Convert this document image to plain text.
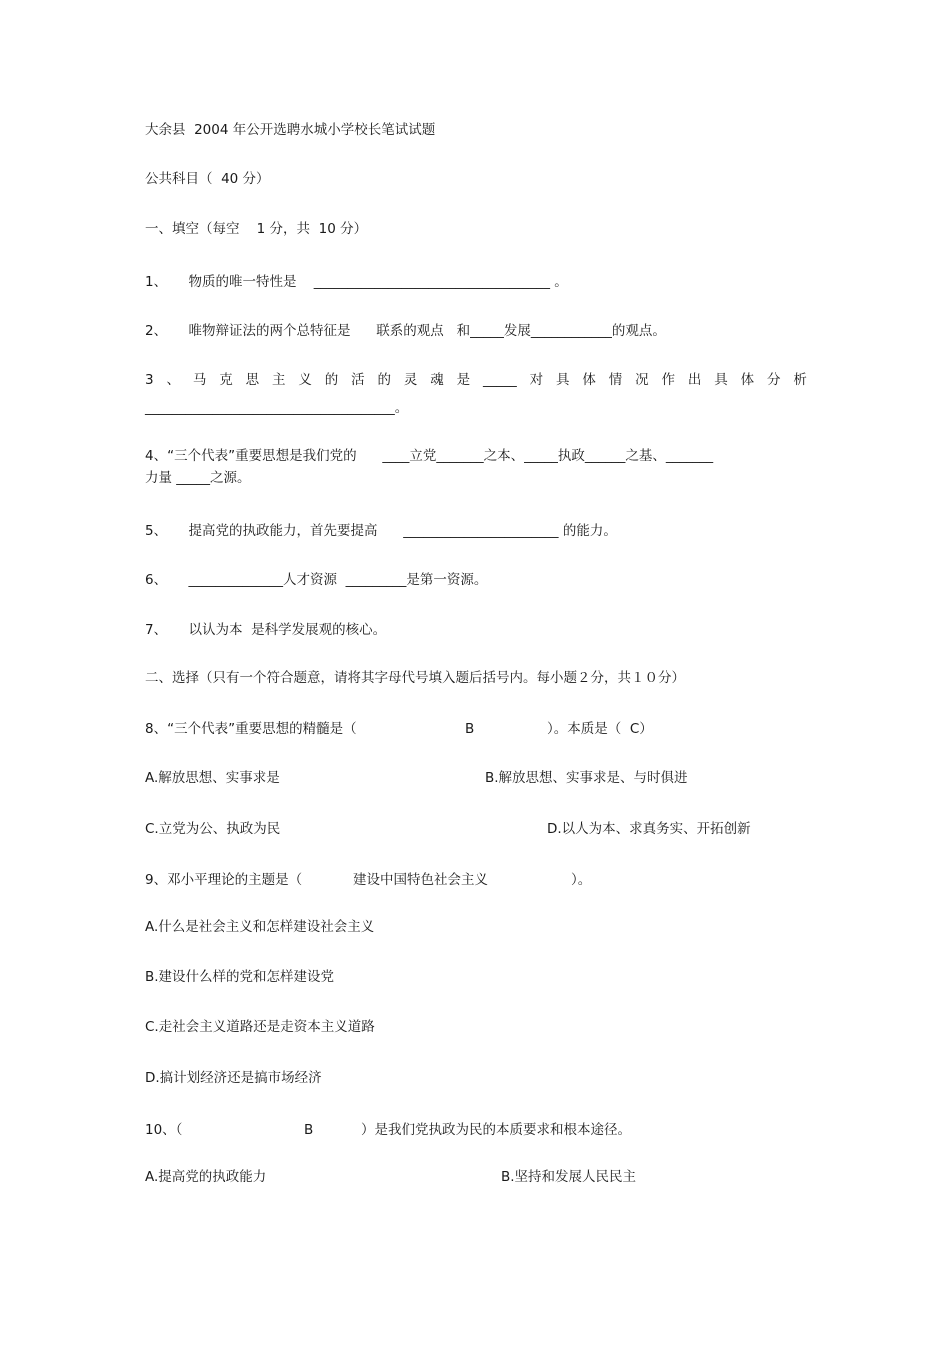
大余县  2004 年公开选聘水城小学校长笔试试题
公共科目（  40 分）
一、填空（每空    1 分，共  10 分）
1、     物质的唯一特性是    ___________________________________ 。
2、     唯物辩证法的两个总特征是      联系的观点   和_____发展____________的观点。
3 、 马 克 思 主 义 的 活 的 灵 魂 是 _____ 对 具 体 情 况 作 出 具 体 分 析
_____________________________________。
4、“三个代表”重要思想是我们党的      ____立党_______之本、_____执政______之基、_______
力量 _____之源。
5、     提高党的执政能力，首先要提高      _______________________ 的能力。
6、     ______________人才资源  _________是第一资源。
7、     以认为本  是科学发展观的核心。
二、选择（只有一个符合题意，请将其字母代号填入题后括号内。每小题２分，共１０分）
8、“三个代表”重要思想的精髓是（	B	）。本质是（  C）
A.解放思想、实事求是	B.解放思想、实事求是、与时俱进
C.立党为公、执政为民	D.以人为本、求真务实、开拓创新
9、邓小平理论的主题是（	建设中国特色社会主义	）。
A.什么是社会主义和怎样建设社会主义
B.建设什么样的党和怎样建设党
C.走社会主义道路还是走资本主义道路
D.搞计划经济还是搞市场经济
10、（	B	）是我们党执政为民的本质要求和根本途径。
A.提高党的执政能力	B.坚持和发展人民民主
